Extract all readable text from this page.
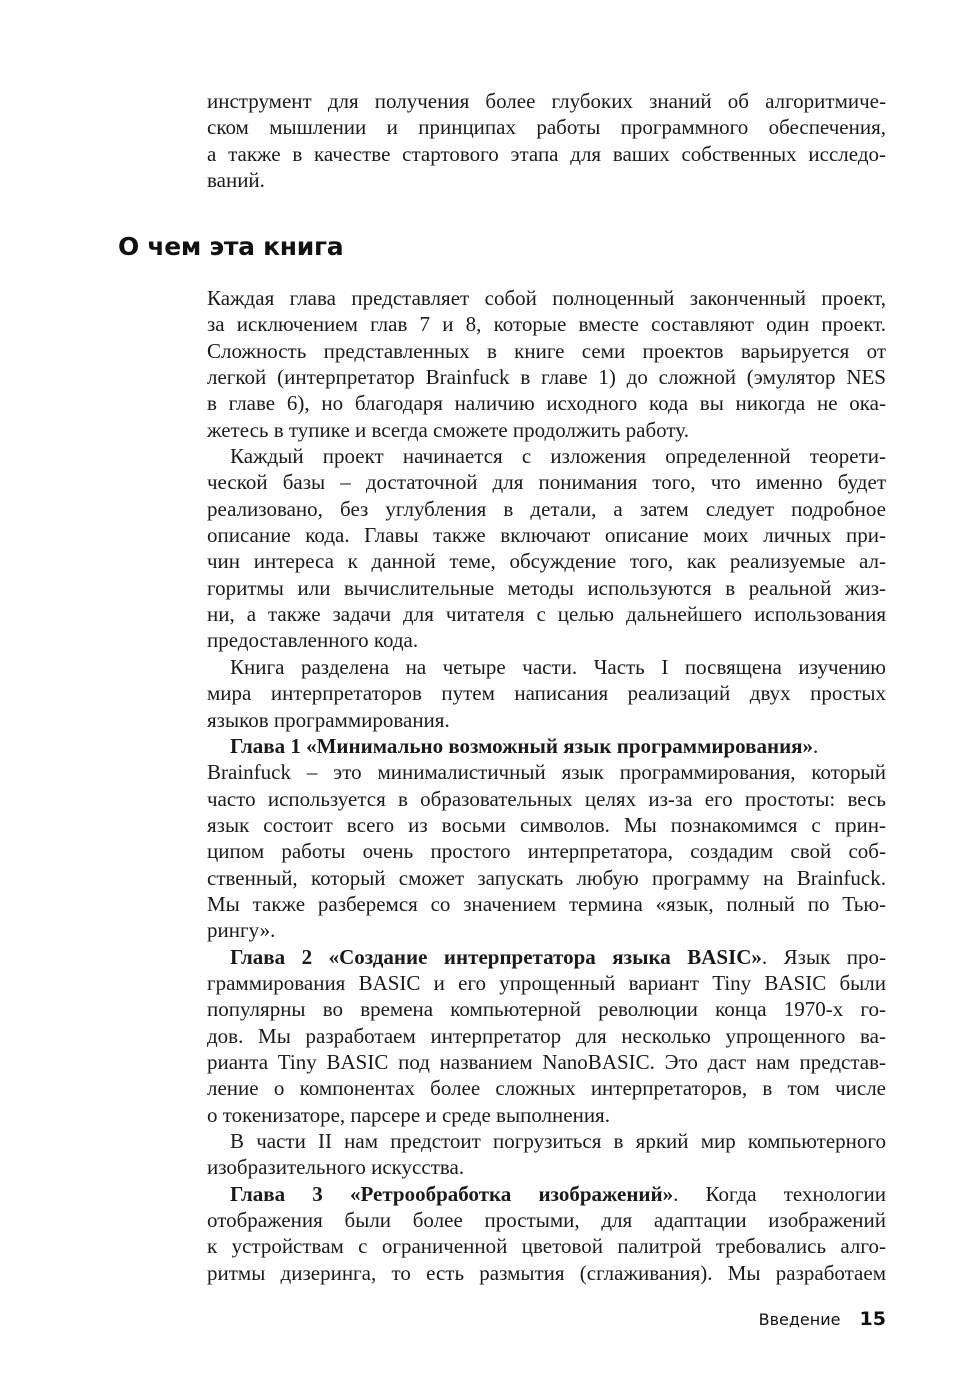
инструмент для получения более глубоких знаний об алгоритмиче-
ском мышлении и принципах работы программного обеспечения,
а также в качестве стартового этапа для ваших собственных исследо-
ваний.
О чем эта книга
Каждая глава представляет собой полноценный законченный проект,
за исключением глав 7 и 8, которые вместе составляют один проект.
Сложность представленных в книге семи проектов варьируется от
легкой (интерпретатор Brainfuck в главе 1) до сложной (эмулятор NES
в главе 6), но благодаря наличию исходного кода вы никогда не ока-
жетесь в тупике и всегда сможете продолжить работу.
Каждый проект начинается с изложения определенной теорети-
ческой базы – достаточной для понимания того, что именно будет
реализовано, без углубления в детали, а затем следует подробное
описание кода. Главы также включают описание моих личных при-
чин интереса к данной теме, обсуждение того, как реализуемые ал-
горитмы или вычислительные методы используются в реальной жиз-
ни, а также задачи для читателя с целью дальнейшего использования
предоставленного кода.
Книга разделена на четыре части. Часть I посвящена изучению
мира интерпретаторов путем написания реализаций двух простых
языков программирования.
Глава 1 «Минимально возможный язык программирования».
Brainfuck – это минималистичный язык программирования, который
часто используется в образовательных целях из-за его простоты: весь
язык состоит всего из восьми символов. Мы познакомимся с прин-
ципом работы очень простого интерпретатора, создадим свой соб-
ственный, который сможет запускать любую программу на Brainfuck.
Мы также разберемся со значением термина «язык, полный по Тью-
рингу».
Глава 2 «Создание интерпретатора языка BASIC». Язык про-
граммирования BASIC и его упрощенный вариант Tiny BASIC были
популярны во времена компьютерной революции конца 1970-х го-
дов. Мы разработаем интерпретатор для несколько упрощенного ва-
рианта Tiny BASIC под названием NanoBASIC. Это даст нам представ-
ление о компонентах более сложных интерпретаторов, в том числе
о токенизаторе, парсере и среде выполнения.
В части II нам предстоит погрузиться в яркий мир компьютерного
изобразительного искусства.
Глава 3 «Ретрообработка изображений». Когда технологии
отображения были более простыми, для адаптации изображений
к устройствам с ограниченной цветовой палитрой требовались алго-
ритмы дизеринга, то есть размытия (сглаживания). Мы разработаем
Введение 15
